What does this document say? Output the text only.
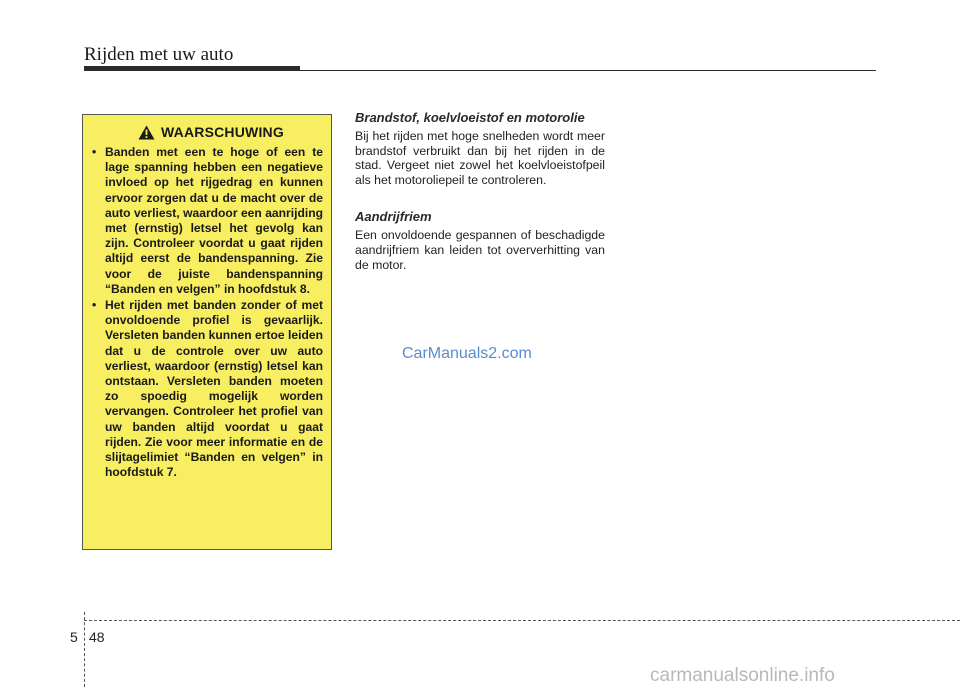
Rijden met uw auto
WAARSCHUWING
• Banden met een te hoge of een te lage spanning hebben een negatieve invloed op het rijgedrag en kunnen ervoor zorgen dat u de macht over de auto verliest, waardoor een aanrijding met (ernstig) letsel het gevolg kan zijn. Controleer voordat u gaat rijden altijd eerst de bandenspanning. Zie voor de juiste bandenspanning “Banden en velgen” in hoofdstuk 8.
• Het rijden met banden zonder of met onvoldoende profiel is gevaarlijk. Versleten banden kunnen ertoe leiden dat u de controle over uw auto verliest, waardoor (ernstig) letsel kan ontstaan. Versleten banden moeten zo spoedig mogelijk worden vervangen. Controleer het profiel van uw banden altijd voordat u gaat rijden. Zie voor meer informatie en de slijtagelimiet “Banden en velgen” in hoofdstuk 7.
Brandstof, koelvloeistof en motorolie

Bij het rijden met hoge snelheden wordt meer brandstof verbruikt dan bij het rijden in de stad. Vergeet niet zowel het koelvloeistofpeil als het motoroliepeil te controleren.

Aandrijfriem

Een onvoldoende gespannen of beschadigde aandrijfriem kan leiden tot oververhitting van de motor.

CarManuals2.com
5 48
carmanualsonline.info
